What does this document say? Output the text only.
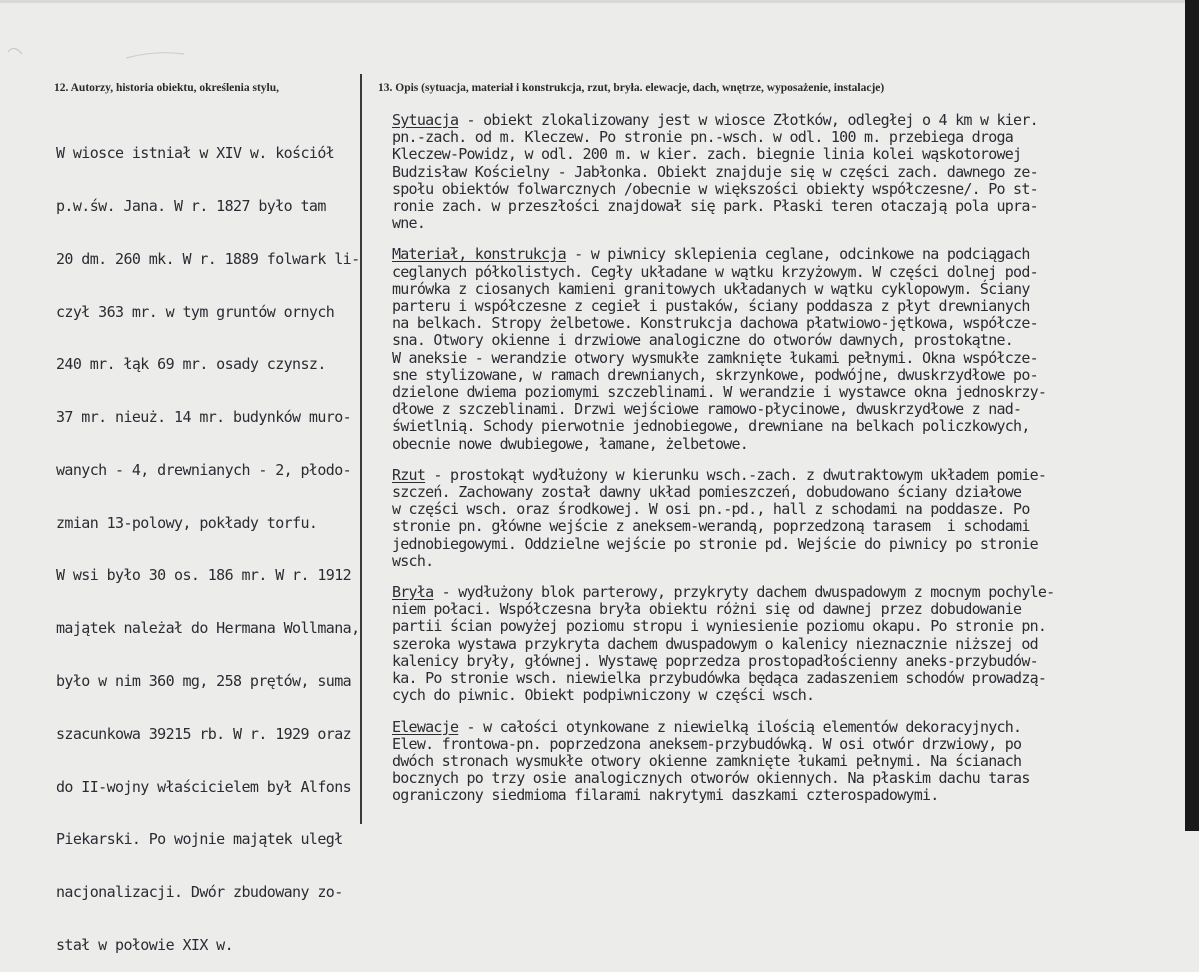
12. Autorzy, historia obiektu, określenia stylu,	13. Opis (sytuacja, materiał i konstrukcja, rzut, bryła. elewacje, dach, wnętrze, wyposażenie, instalacje)

W wiosce istniał w XIV w. kościół

p.w.św. Jana. W r. 1827 było tam

20 dm. 260 mk. W r. 1889 folwark li-

czył 363 mr. w tym gruntów ornych

240 mr. łąk 69 mr. osady czynsz.

37 mr. nieuż. 14 mr. budynków muro-

wanych - 4, drewnianych - 2, płodo-

zmian 13-polowy, pokłady torfu.

W wsi było 30 os. 186 mr. W r. 1912

majątek należał do Hermana Wollmana,

było w nim 360 mg, 258 prętów, suma

szacunkowa 39215 rb. W r. 1929 oraz

do II-wojny właścicielem był Alfons

Piekarski. Po wojnie majątek uległ

nacjonalizacji. Dwór zbudowany zo-

stał w połowie XIX w.

Sytuacja - obiekt zlokalizowany jest w wiosce Złotków, odległej o 4 km w kier.
pn.-zach. od m. Kleczew. Po stronie pn.-wsch. w odl. 100 m. przebiega droga
Kleczew-Powidz, w odl. 200 m. w kier. zach. biegnie linia kolei wąskotorowej
Budzisław Kościelny - Jabłonka. Obiekt znajduje się w części zach. dawnego ze-
społu obiektów folwarcznych /obecnie w większości obiekty współczesne/. Po st-
ronie zach. w przeszłości znajdował się park. Płaski teren otaczają pola upra-
wne.
Materiał, konstrukcja - w piwnicy sklepienia ceglane, odcinkowe na podciągach
ceglanych półkolistych. Cegły układane w wątku krzyżowym. W części dolnej pod-
murówka z ciosanych kamieni granitowych układanych w wątku cyklopowym. Ściany
parteru i współczesne z cegieł i pustaków, ściany poddasza z płyt drewnianych
na belkach. Stropy żelbetowe. Konstrukcja dachowa płatwiowo-jętkowa, współcze-
sna. Otwory okienne i drzwiowe analogiczne do otworów dawnych, prostokątne.
W aneksie - werandzie otwory wysmukłe zamknięte łukami pełnymi. Okna współcze-
sne stylizowane, w ramach drewnianych, skrzynkowe, podwójne, dwuskrzydłowe po-
dzielone dwiema poziomymi szczeblinami. W werandzie i wystawce okna jednoskrzy-
dłowe z szczeblinami. Drzwi wejściowe ramowo-płycinowe, dwuskrzydłowe z nad-
świetlnią. Schody pierwotnie jednobiegowe, drewniane na belkach policzkowych,
obecnie nowe dwubiegowe, łamane, żelbetowe.
Rzut - prostokąt wydłużony w kierunku wsch.-zach. z dwutraktowym układem pomie-
szczeń. Zachowany został dawny układ pomieszczeń, dobudowano ściany działowe
w części wsch. oraz środkowej. W osi pn.-pd., hall z schodami na poddasze. Po
stronie pn. główne wejście z aneksem-werandą, poprzedzoną tarasem  i schodami
jednobiegowymi. Oddzielne wejście po stronie pd. Wejście do piwnicy po stronie
wsch.
Bryła - wydłużony blok parterowy, przykryty dachem dwuspadowym z mocnym pochyle-
niem połaci. Współczesna bryła obiektu różni się od dawnej przez dobudowanie
partii ścian powyżej poziomu stropu i wyniesienie poziomu okapu. Po stronie pn.
szeroka wystawa przykryta dachem dwuspadowym o kalenicy nieznacznie niższej od
kalenicy bryły, głównej. Wystawę poprzedza prostopadłościenny aneks-przybudów-
ka. Po stronie wsch. niewielka przybudówka będąca zadaszeniem schodów prowadzą-
cych do piwnic. Obiekt podpiwniczony w części wsch.
Elewacje - w całości otynkowane z niewielką ilością elementów dekoracyjnych.
Elew. frontowa-pn. poprzedzona aneksem-przybudówką. W osi otwór drzwiowy, po
dwóch stronach wysmukłe otwory okienne zamknięte łukami pełnymi. Na ścianach
bocznych po trzy osie analogicznych otworów okiennych. Na płaskim dachu taras
ograniczony siedmioma filarami nakrytymi daszkami czterospadowymi.
